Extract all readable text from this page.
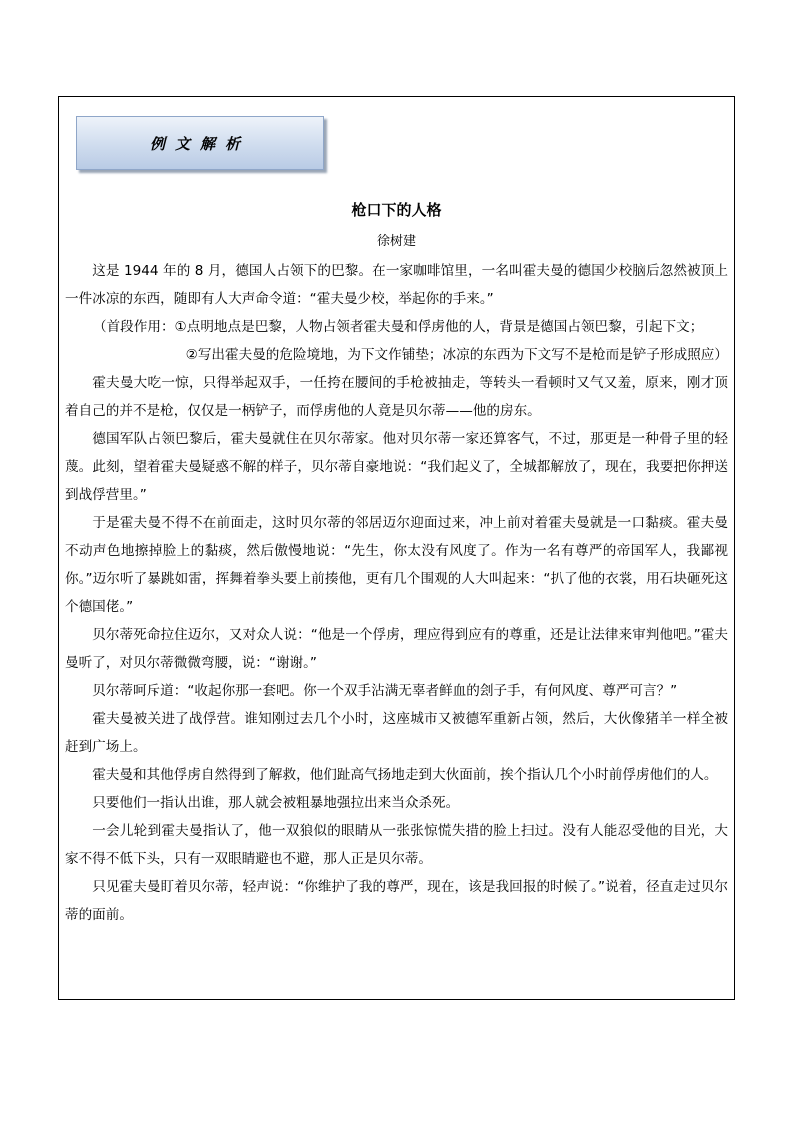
例文解析
枪口下的人格
徐树建

这是 1944 年的 8 月，德国人占领下的巴黎。在一家咖啡馆里，一名叫霍夫曼的德国少校脑后忽然被顶上一件冰凉的东西，随即有人大声命令道：“霍夫曼少校，举起你的手来。”

（首段作用：①点明地点是巴黎，人物占领者霍夫曼和俘虏他的人，背景是德国占领巴黎，引起下文；

②写出霍夫曼的危险境地，为下文作铺垫；冰凉的东西为下文写不是枪而是铲子形成照应）

霍夫曼大吃一惊，只得举起双手，一任挎在腰间的手枪被抽走，等转头一看顿时又气又羞，原来，刚才顶着自己的并不是枪，仅仅是一柄铲子，而俘虏他的人竟是贝尔蒂——他的房东。

德国军队占领巴黎后，霍夫曼就住在贝尔蒂家。他对贝尔蒂一家还算客气，不过，那更是一种骨子里的轻蔑。此刻，望着霍夫曼疑惑不解的样子，贝尔蒂自豪地说：“我们起义了，全城都解放了，现在，我要把你押送到战俘营里。”

于是霍夫曼不得不在前面走，这时贝尔蒂的邻居迈尔迎面过来，冲上前对着霍夫曼就是一口黏痰。霍夫曼不动声色地擦掉脸上的黏痰，然后傲慢地说：“先生，你太没有风度了。作为一名有尊严的帝国军人，我鄙视你。”迈尔听了暴跳如雷，挥舞着拳头要上前揍他，更有几个围观的人大叫起来：“扒了他的衣裳，用石块砸死这个德国佬。”

贝尔蒂死命拉住迈尔，又对众人说：“他是一个俘虏，理应得到应有的尊重，还是让法律来审判他吧。”霍夫曼听了，对贝尔蒂微微弯腰，说：“谢谢。”

贝尔蒂呵斥道：“收起你那一套吧。你一个双手沾满无辜者鲜血的刽子手，有何风度、尊严可言？”

霍夫曼被关进了战俘营。谁知刚过去几个小时，这座城市又被德军重新占领，然后，大伙像猪羊一样全被赶到广场上。

霍夫曼和其他俘虏自然得到了解救，他们趾高气扬地走到大伙面前，挨个指认几个小时前俘虏他们的人。

只要他们一指认出谁，那人就会被粗暴地强拉出来当众杀死。

一会儿轮到霍夫曼指认了，他一双狼似的眼睛从一张张惊慌失措的脸上扫过。没有人能忍受他的目光，大家不得不低下头，只有一双眼睛避也不避，那人正是贝尔蒂。

只见霍夫曼盯着贝尔蒂，轻声说：“你维护了我的尊严，现在，该是我回报的时候了。”说着，径直走过贝尔蒂的面前。
